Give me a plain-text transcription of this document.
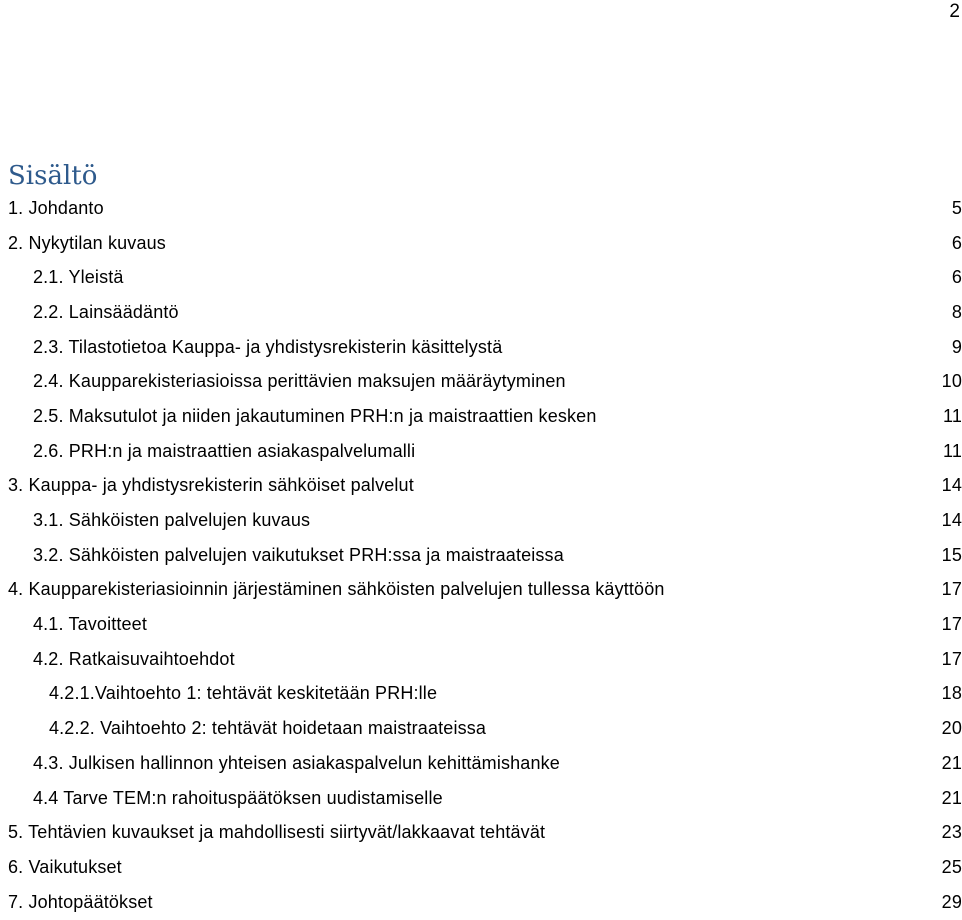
2
Sisältö
1. Johdanto	5
2. Nykytilan kuvaus	6
2.1. Yleistä	6
2.2. Lainsäädäntö	8
2.3. Tilastotietoa Kauppa- ja yhdistysrekisterin käsittelystä	9
2.4. Kaupparekisteriasioissa perittävien maksujen määräytyminen	10
2.5. Maksutulot ja niiden jakautuminen PRH:n ja maistraattien kesken	11
2.6. PRH:n ja maistraattien asiakaspalvelumalli	11
3. Kauppa- ja yhdistysrekisterin sähköiset palvelut	14
3.1. Sähköisten palvelujen kuvaus	14
3.2. Sähköisten palvelujen vaikutukset PRH:ssa ja maistraateissa	15
4. Kaupparekisteriasioinnin järjestäminen sähköisten palvelujen tullessa käyttöön	17
4.1. Tavoitteet	17
4.2. Ratkaisuvaihtoehdot	17
4.2.1.Vaihtoehto 1: tehtävät keskitetään PRH:lle	18
4.2.2. Vaihtoehto 2: tehtävät hoidetaan maistraateissa	20
4.3. Julkisen hallinnon yhteisen asiakaspalvelun kehittämishanke	21
4.4 Tarve TEM:n rahoituspäätöksen uudistamiselle	21
5. Tehtävien kuvaukset ja mahdollisesti siirtyvät/lakkaavat tehtävät	23
6. Vaikutukset	25
7. Johtopäätökset	29
